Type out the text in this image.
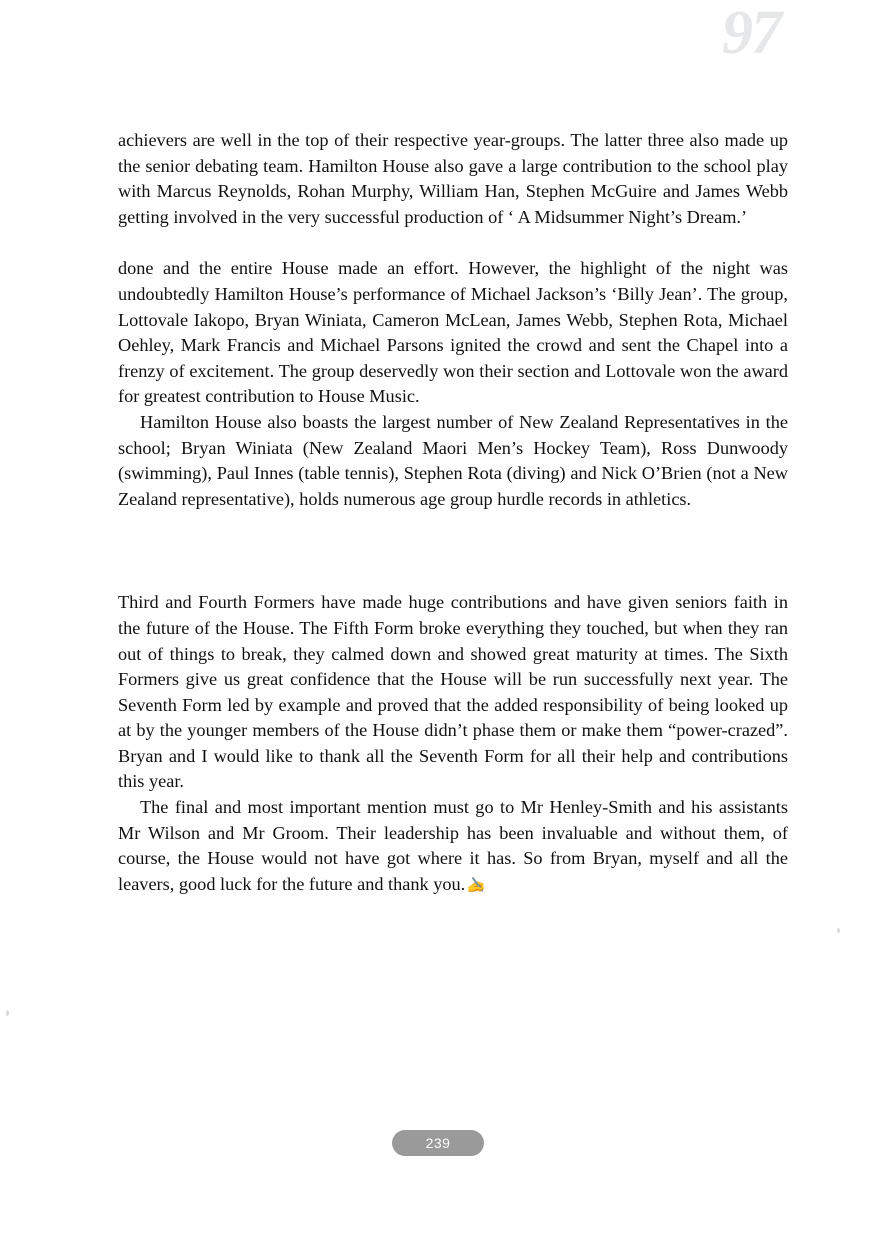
97

achievers are well in the top of their respective year-groups. The latter three also made up the senior debating team. Hamilton House also gave a large contribution to the school play with Marcus Reynolds, Rohan Murphy, William Han, Stephen McGuire and James Webb getting involved in the very successful production of ‘ A Midsummer Night’s Dream.’

done and the entire House made an effort. However, the highlight of the night was undoubtedly Hamilton House’s performance of Michael Jackson’s ‘Billy Jean’. The group, Lottovale Iakopo, Bryan Winiata, Cameron McLean, James Webb, Stephen Rota, Michael Oehley, Mark Francis and Michael Parsons ignited the crowd and sent the Chapel into a frenzy of excitement. The group deservedly won their section and Lottovale won the award for greatest contribution to House Music.

Hamilton House also boasts the largest number of New Zealand Representatives in the school; Bryan Winiata (New Zealand Maori Men’s Hockey Team), Ross Dunwoody (swimming), Paul Innes (table tennis), Stephen Rota (diving) and Nick O’Brien (not a New Zealand representative), holds numerous age group hurdle records in athletics.

Third and Fourth Formers have made huge contributions and have given seniors faith in the future of the House. The Fifth Form broke everything they touched, but when they ran out of things to break, they calmed down and showed great maturity at times. The Sixth Formers give us great confidence that the House will be run successfully next year. The Seventh Form led by example and proved that the added responsibility of being looked up at by the younger members of the House didn’t phase them or make them “power-crazed”. Bryan and I would like to thank all the Seventh Form for all their help and contributions this year.

The final and most important mention must go to Mr Henley-Smith and his assistants Mr Wilson and Mr Groom. Their leadership has been invaluable and without them, of course, the House would not have got where it has. So from Bryan, myself and all the leavers, good luck for the future and thank you. ✍

239
